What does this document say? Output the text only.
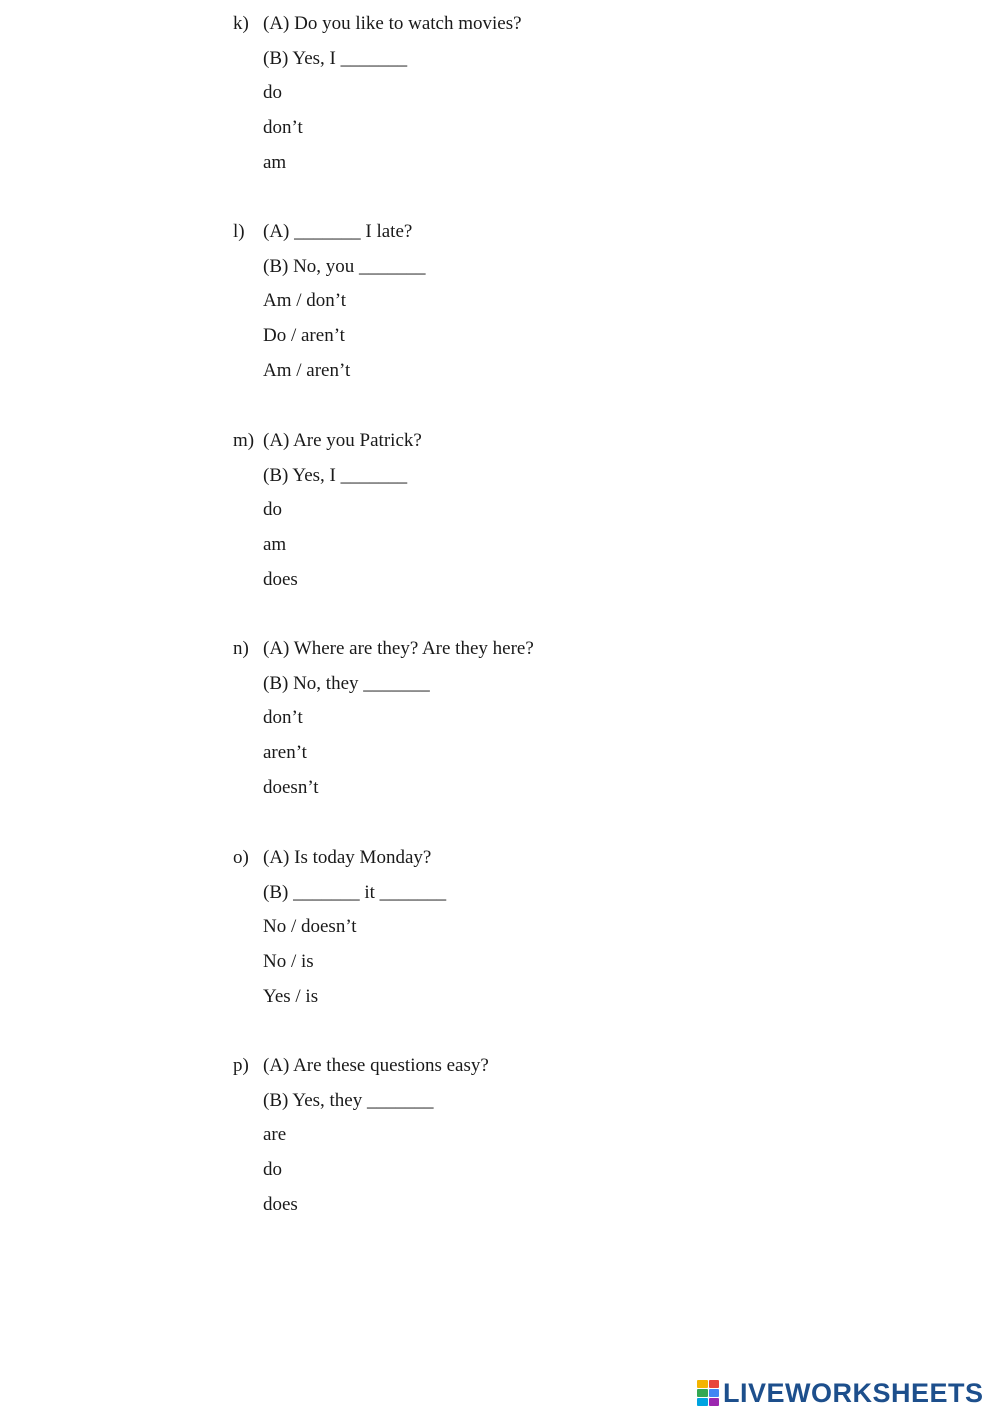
k) (A) Do you like to watch movies?
(B) Yes, I _______
do
don’t
am
l) (A) _______ I late?
(B) No, you _______
Am / don’t
Do / aren’t
Am / aren’t
m) (A) Are you Patrick?
(B) Yes, I _______
do
am
does
n) (A) Where are they? Are they here?
(B) No, they _______
don’t
aren’t
doesn’t
o) (A) Is today Monday?
(B) _______ it _______
No / doesn’t
No / is
Yes / is
p) (A) Are these questions easy?
(B) Yes, they _______
are
do
does
LIVEWORKSHEETS
